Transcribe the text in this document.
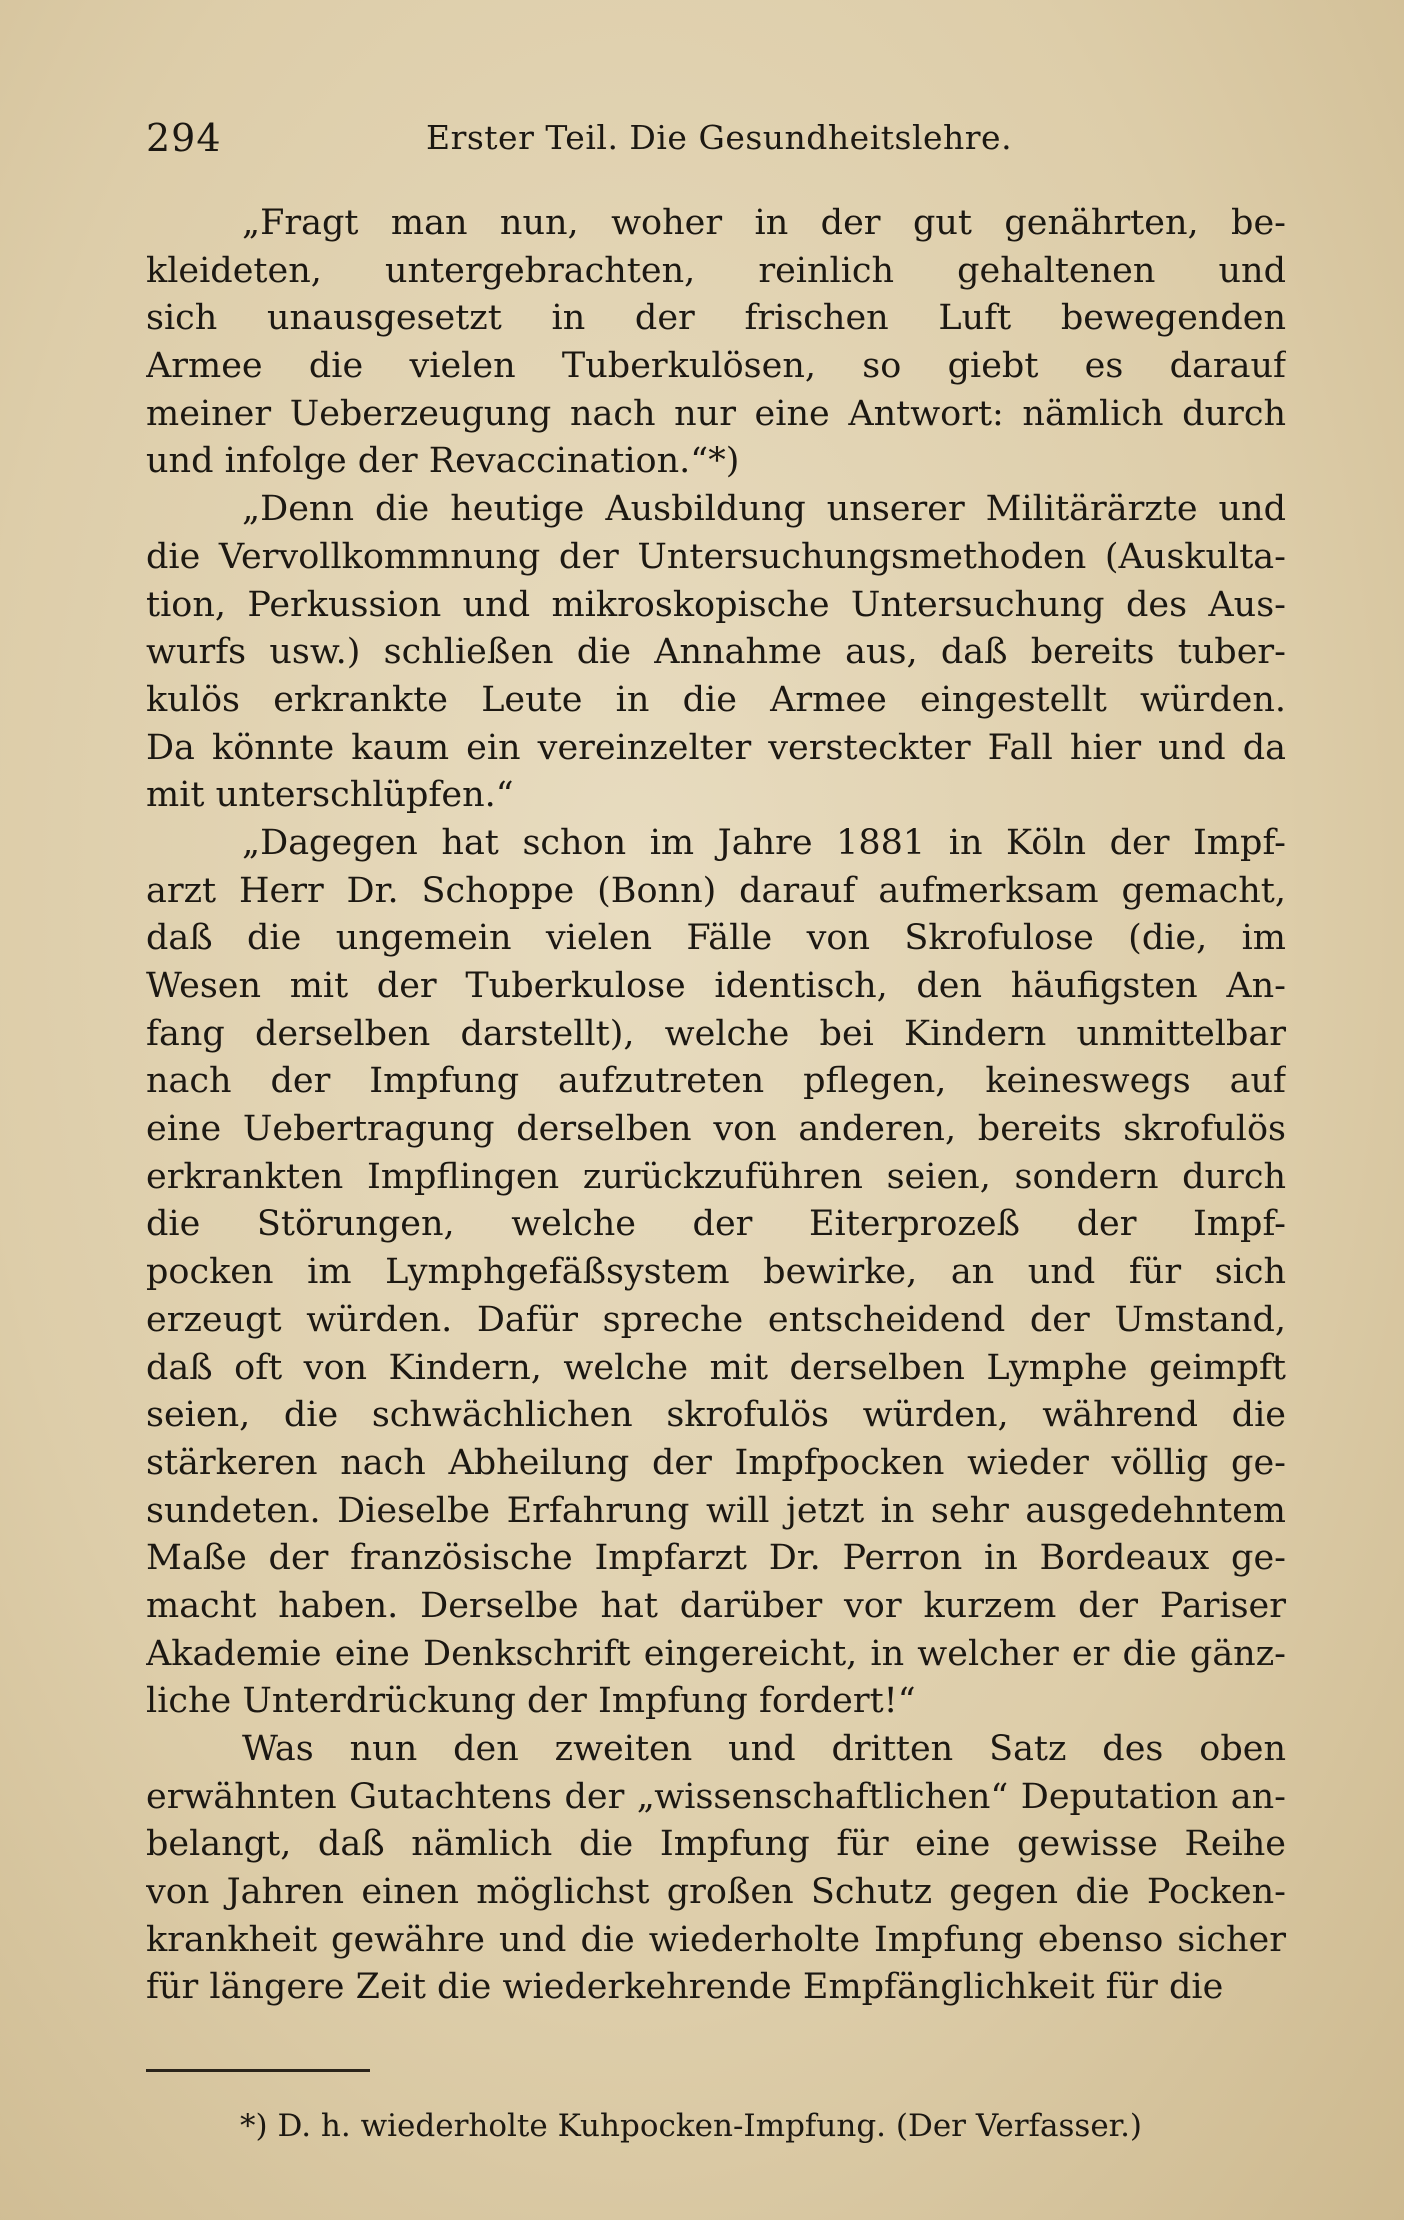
294	Erster Teil. Die Gesundheitslehre.
„Fragt man nun, woher in der gut genährten, be-
kleideten, untergebrachten, reinlich gehaltenen und
sich unausgesetzt in der frischen Luft bewegenden
Armee die vielen Tuberkulösen, so giebt es darauf
meiner Ueberzeugung nach nur eine Antwort: nämlich durch
und infolge der Revaccination.“*)
„Denn die heutige Ausbildung unserer Militärärzte und
die Vervollkommnung der Untersuchungsmethoden (Auskulta-
tion, Perkussion und mikroskopische Untersuchung des Aus-
wurfs usw.) schließen die Annahme aus, daß bereits tuber-
kulös erkrankte Leute in die Armee eingestellt würden.
Da könnte kaum ein vereinzelter versteckter Fall hier und da
mit unterschlüpfen.“
„Dagegen hat schon im Jahre 1881 in Köln der Impf-
arzt Herr Dr. Schoppe (Bonn) darauf aufmerksam gemacht,
daß die ungemein vielen Fälle von Skrofulose (die, im
Wesen mit der Tuberkulose identisch, den häufigsten An-
fang derselben darstellt), welche bei Kindern unmittelbar
nach der Impfung aufzutreten pflegen, keineswegs auf
eine Uebertragung derselben von anderen, bereits skrofulös
erkrankten Impflingen zurückzuführen seien, sondern durch
die Störungen, welche der Eiterprozeß der Impf-
pocken im Lymphgefäßsystem bewirke, an und für sich
erzeugt würden. Dafür spreche entscheidend der Umstand,
daß oft von Kindern, welche mit derselben Lymphe geimpft
seien, die schwächlichen skrofulös würden, während die
stärkeren nach Abheilung der Impfpocken wieder völlig ge-
sundeten. Dieselbe Erfahrung will jetzt in sehr ausgedehntem
Maße der französische Impfarzt Dr. Perron in Bordeaux ge-
macht haben. Derselbe hat darüber vor kurzem der Pariser
Akademie eine Denkschrift eingereicht, in welcher er die gänz-
liche Unterdrückung der Impfung fordert!“
Was nun den zweiten und dritten Satz des oben
erwähnten Gutachtens der „wissenschaftlichen“ Deputation an-
belangt, daß nämlich die Impfung für eine gewisse Reihe
von Jahren einen möglichst großen Schutz gegen die Pocken-
krankheit gewähre und die wiederholte Impfung ebenso sicher
für längere Zeit die wiederkehrende Empfänglichkeit für die
*) D. h. wiederholte Kuhpocken-Impfung. (Der Verfasser.)
